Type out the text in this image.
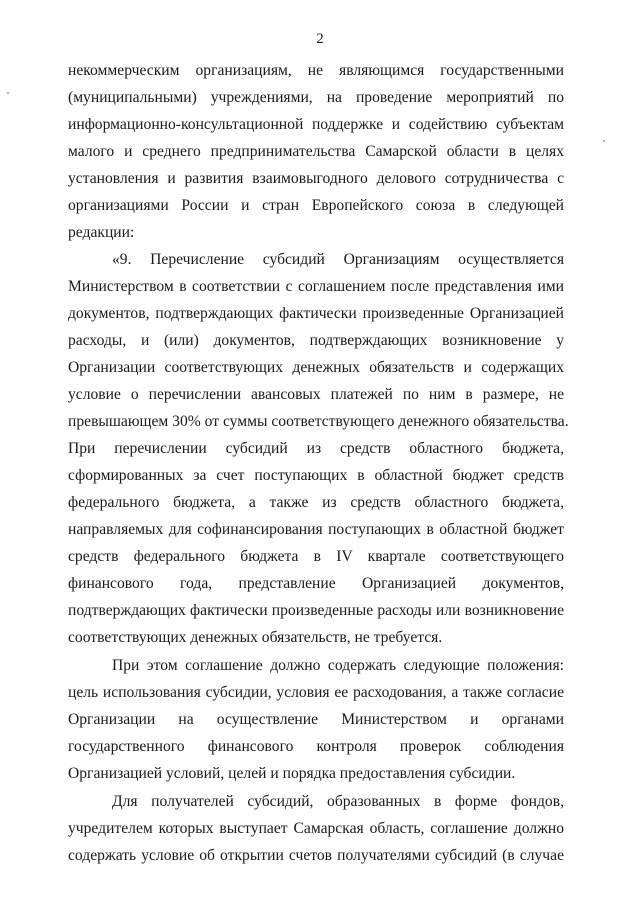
2
некоммерческим организациям, не являющимся государственными
(муниципальными) учреждениями, на проведение мероприятий по
информационно-консультационной поддержке и содействию субъектам
малого и среднего предпринимательства Самарской области в целях
установления и развития взаимовыгодного делового сотрудничества с
организациями России и стран Европейского союза в следующей
редакции:
«9. Перечисление субсидий Организациям осуществляется
Министерством в соответствии с соглашением после представления ими
документов, подтверждающих фактически произведенные Организацией
расходы, и (или) документов, подтверждающих возникновение у
Организации соответствующих денежных обязательств и содержащих
условие о перечислении авансовых платежей по ним в размере, не
превышающем 30% от суммы соответствующего денежного обязательства.
При перечислении субсидий из средств областного бюджета,
сформированных за счет поступающих в областной бюджет средств
федерального бюджета, а также из средств областного бюджета,
направляемых для софинансирования поступающих в областной бюджет
средств федерального бюджета в IV квартале соответствующего
финансового года, представление Организацией документов,
подтверждающих фактически произведенные расходы или возникновение
соответствующих денежных обязательств, не требуется.
При этом соглашение должно содержать следующие положения:
цель использования субсидии, условия ее расходования, а также согласие
Организации на осуществление Министерством и органами
государственного финансового контроля проверок соблюдения
Организацией условий, целей и порядка предоставления субсидии.
Для получателей субсидий, образованных в форме фондов,
учредителем которых выступает Самарская область, соглашение должно
содержать условие об открытии счетов получателями субсидий (в случае
